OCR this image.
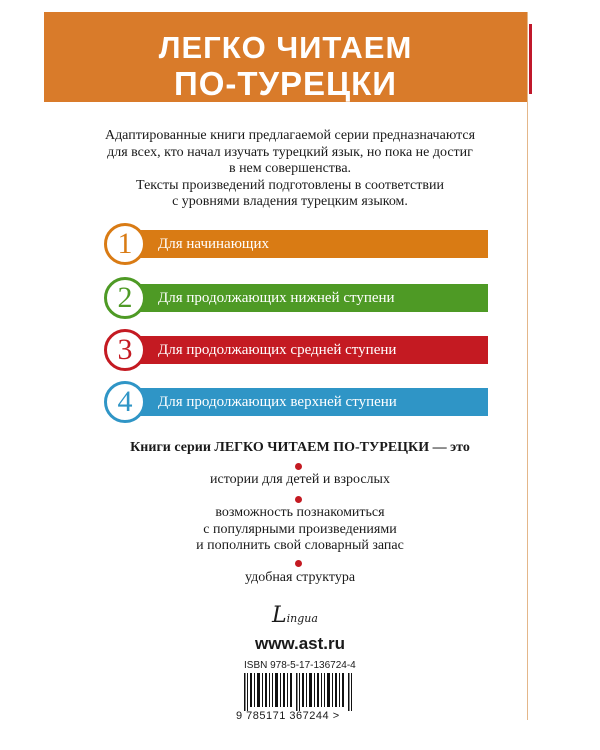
ЛЕГКО ЧИТАЕМ
ПО-ТУРЕЦКИ
Адаптированные книги предлагаемой серии предназначаются
для всех, кто начал изучать турецкий язык, но пока не достиг
в нем совершенства.
Тексты произведений подготовлены в соответствии
с уровнями владения турецким языком.
Для начинающих
1
Для продолжающих нижней ступени
2
Для продолжающих средней ступени
3
Для продолжающих верхней ступени
4
Книги серии ЛЕГКО ЧИТАЕМ ПО-ТУРЕЦКИ — это
истории для детей и взрослых
возможность познакомиться
с популярными произведениями
и пополнить свой словарный запас
удобная структура
Lingua
www.ast.ru
ISBN 978-5-17-136724-4
9 785171 367244 >
